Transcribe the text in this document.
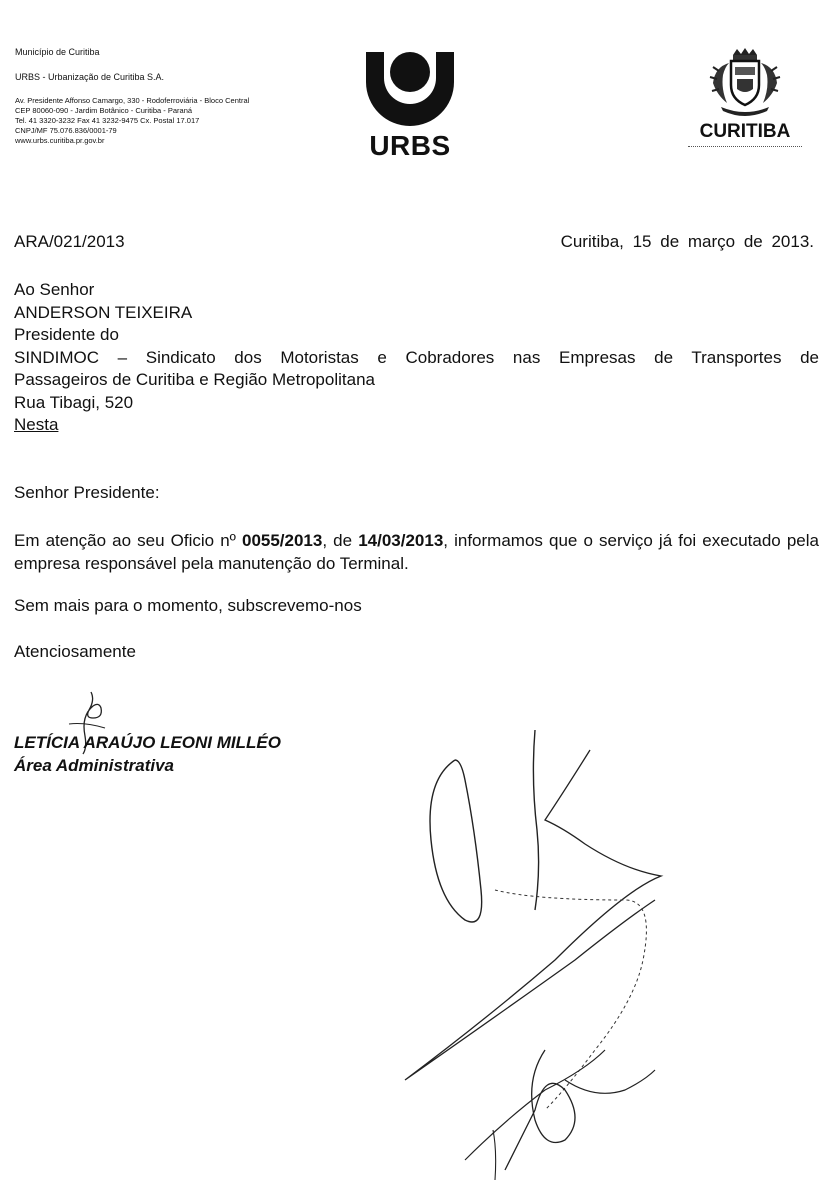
Município de Curitiba
URBS - Urbanização de Curitiba S.A.
Av. Presidente Affonso Camargo, 330 - Rodoferroviária - Bloco Central
CEP 80060-090 - Jardim Botânico - Curitiba - Paraná
Tel. 41 3320-3232 Fax 41 3232-9475 Cx. Postal 17.017
CNPJ/MF 75.076.836/0001-79
www.urbs.curitiba.pr.gov.br	URBS	CURITIBA
ARA/021/2013	Curitiba, 15 de março de 2013.
Ao Senhor
ANDERSON TEIXEIRA
Presidente do
SINDIMOC – Sindicato dos Motoristas e Cobradores nas Empresas de Transportes de
Passageiros de Curitiba e Região Metropolitana
Rua Tibagi, 520
Nesta
Senhor Presidente:
Em atenção ao seu Oficio nº 0055/2013, de 14/03/2013, informamos que o serviço já foi executado pela empresa responsável pela manutenção do Terminal.
Sem mais para o momento, subscrevemo-nos
Atenciosamente
LETÍCIA ARAÚJO LEONI MILLÉO
Área Administrativa
